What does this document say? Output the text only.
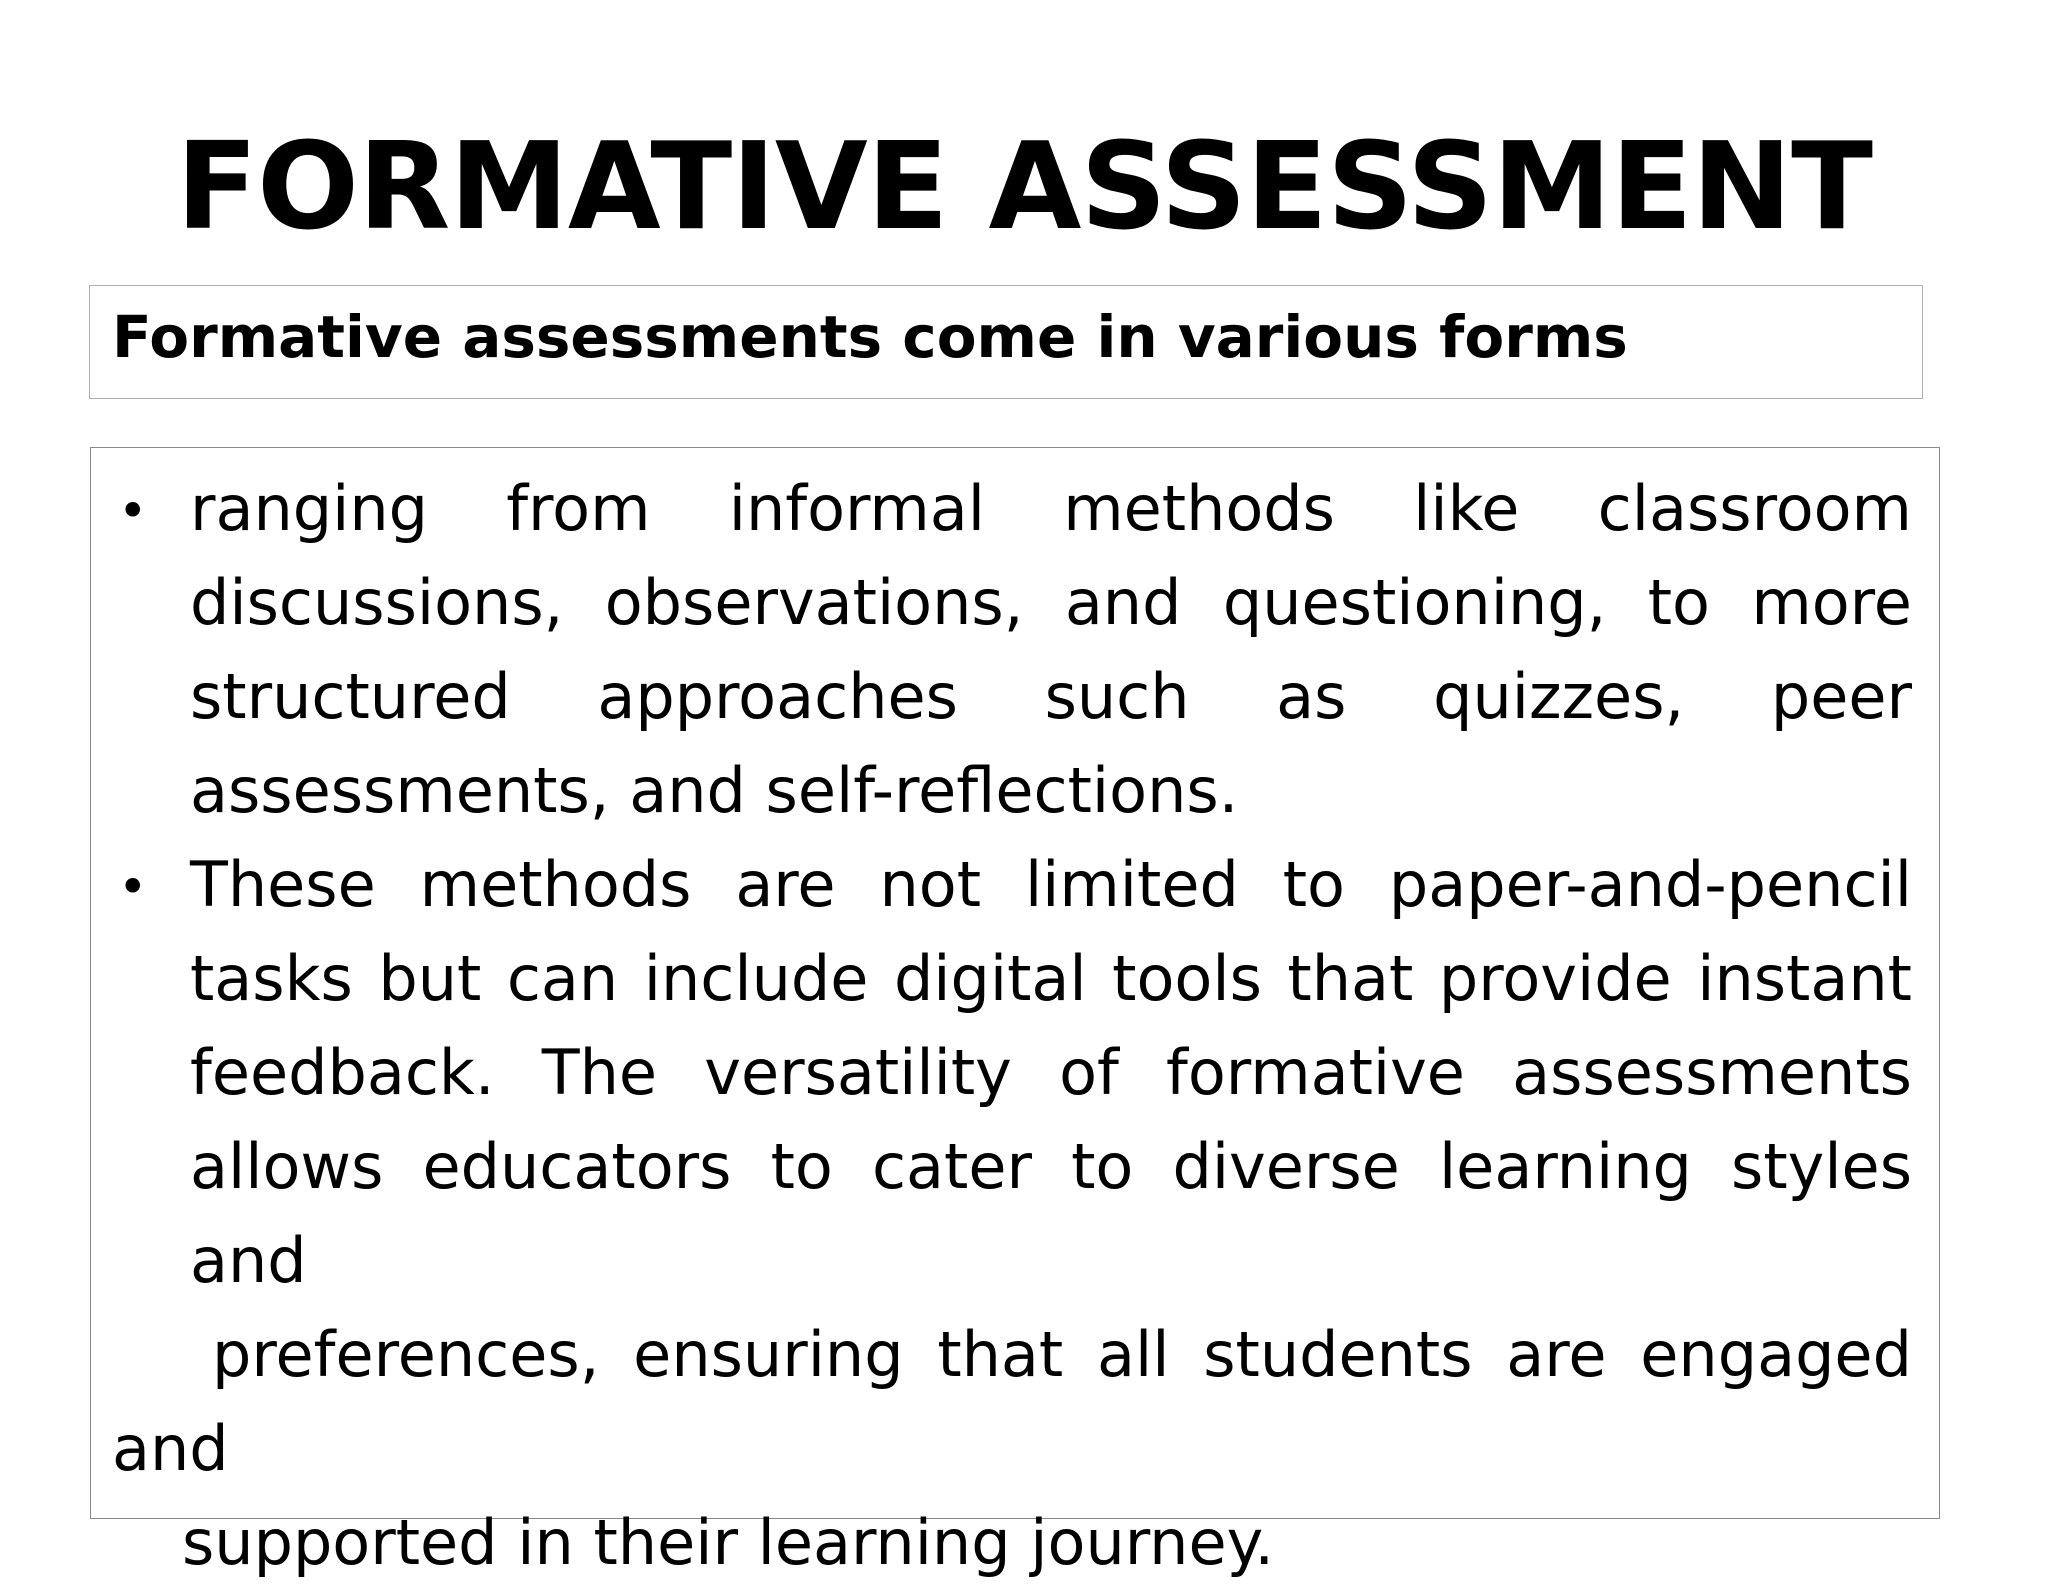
FORMATIVE ASSESSMENT
Formative assessments come in various forms
• ranging from informal methods like classroom
discussions, observations, and questioning, to more
structured approaches such as quizzes, peer
assessments, and self-reflections.
• These methods are not limited to paper-and-pencil
tasks but can include digital tools that provide instant
feedback. The versatility of formative assessments
allows educators to cater to diverse learning styles
and
preferences, ensuring that all students are engaged
and
supported in their learning journey.
